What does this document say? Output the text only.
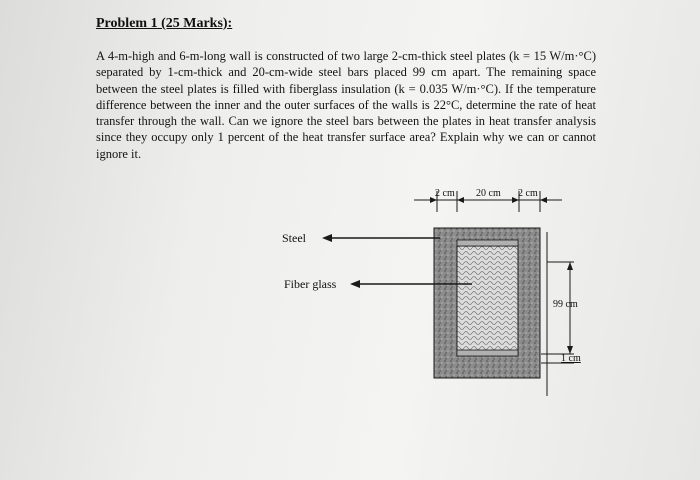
Problem 1 (25 Marks):

A 4-m-high and 6-m-long wall is constructed of two large 2-cm-thick steel plates (k = 15 W/m·°C) separated by 1-cm-thick and 20-cm-wide steel bars placed 99 cm apart. The remaining space between the steel plates is filled with fiberglass insulation (k = 0.035 W/m·°C). If the temperature difference between the inner and the outer surfaces of the walls is 22°C, determine the rate of heat transfer through the wall. Can we ignore the steel bars between the plates in heat transfer analysis since they occupy only 1 percent of the heat transfer surface area? Explain why we can or cannot ignore it.

2 cm 20 cm 2 cm
Steel
Fiber glass
99 cm
1 cm
